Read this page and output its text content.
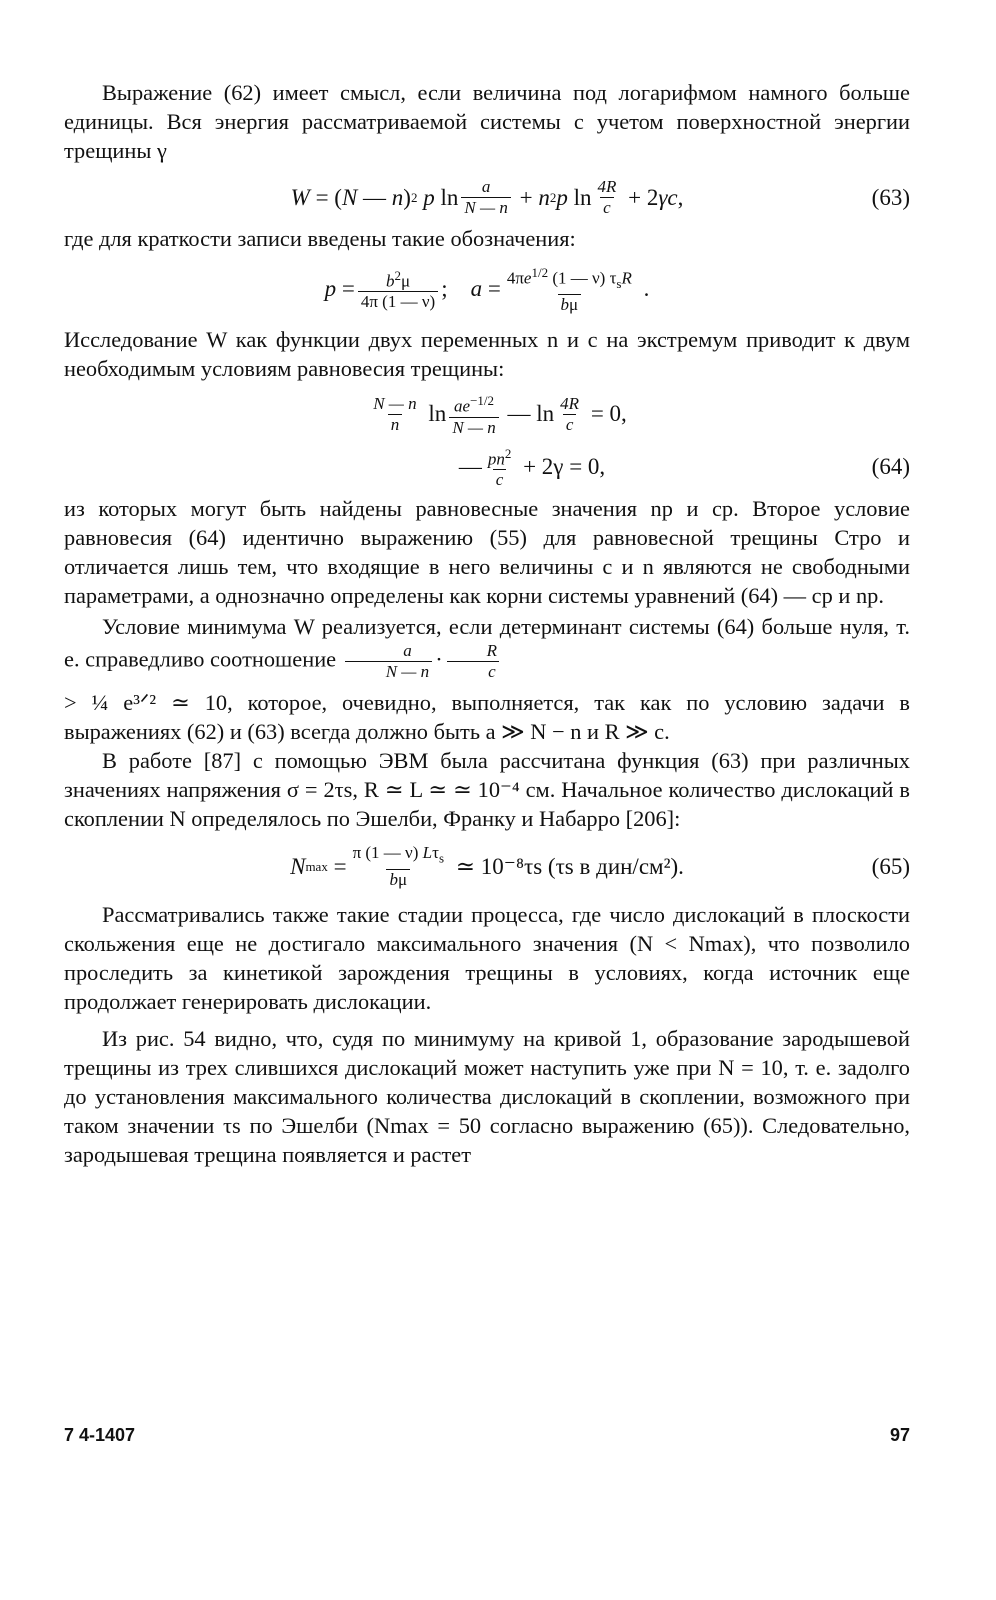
Выражение (62) имеет смысл, если величина под логарифмом намного больше единицы. Вся энергия рассматриваемой системы с учетом поверхностной энергии трещины γ

W = ( N — n ) 2
p $\ln \frac{a}{N — n} + n$ 2 p $\ln \frac{4R}{c} + 2$ γc ,	(63)

где для краткости записи введены такие обозначения:

$p = \frac{b^2\mu}{4\pi (1 — \nu)}$ ; $a = \frac{4\pi e^{1/2} (1 — \nu) \tau_sR}{b\mu}$ .

Исследование W как функции двух переменных n и c на экстремум приводит к двум необходимым условиям равновесия трещины:

$\frac{N — n}{n}$ $\ln \frac{ae^{-1/2}}{N — n}$ — $\ln \frac{4R}{c} = 0$,
— $\frac{pn^2}{c} + 2\gamma = 0$,	(64)

из которых могут быть найдены равновесные значения nр и cр. Второе условие равновесия (64) идентично выражению (55) для равновесной трещины Стро и отличается лишь тем, что входящие в него величины c и n являются не свободными параметрами, а однозначно определены как корни системы уравнений (64) — cр и nр.

Условие минимума W реализуется, если детерминант системы (64) больше нуля, т. е. справедливо соотношение $\frac{a}{N — n} \cdot \frac{R}{c}$

> ¼ e³ᐟ² ≃ 10, которое, очевидно, выполняется, так как по условию задачи в выражениях (62) и (63) всегда должно быть a ≫ N − n и R ≫ c.

В работе [87] с помощью ЭВМ была рассчитана функция (63) при различных значениях напряжения σ = 2τs, R ≃ L ≃ ≃ 10⁻⁴ см. Начальное количество дислокаций в скоплении N определялось по Эшелби, Франку и Набарро [206]:

N $\max = \frac{\pi (1 — \nu) L\tau_s}{b\mu}$
≃ 10⁻⁸τs (τs в дин/см²).	(65)

Рассматривались также такие стадии процесса, где число дислокаций в плоскости скольжения еще не достигало максимального значения (N < Nmax), что позволило проследить за кинетикой зарождения трещины в условиях, когда источник еще продолжает генерировать дислокации.

Из рис. 54 видно, что, судя по минимуму на кривой 1, образование зародышевой трещины из трех слившихся дислокаций может наступить уже при N = 10, т. е. задолго до установления максимального количества дислокаций в скоплении, возможного при таком значении τs по Эшелби (Nmax = 50 согласно выражению (65)). Следовательно, зародышевая трещина появляется и растет

7 4-1407	97
